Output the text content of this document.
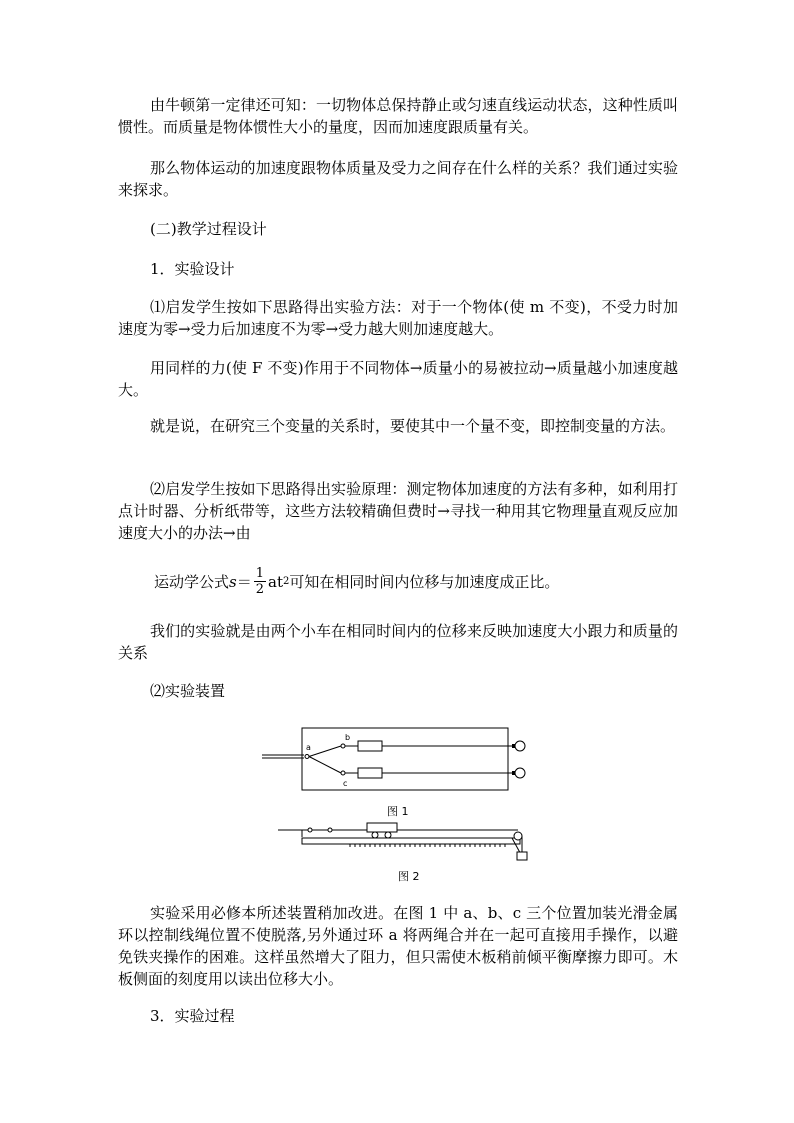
由牛顿第一定律还可知：一切物体总保持静止或匀速直线运动状态，这种性质叫惯性。而质量是物体惯性大小的量度，因而加速度跟质量有关。

那么物体运动的加速度跟物体质量及受力之间存在什么样的关系？我们通过实验来探求。

(二)教学过程设计

1．实验设计

⑴启发学生按如下思路得出实验方法：对于一个物体(使 m 不变)，不受力时加速度为零→受力后加速度不为零→受力越大则加速度越大。

用同样的力(使 F 不变)作用于不同物体→质量小的易被拉动→质量越小加速度越大。

就是说，在研究三个变量的关系时，要使其中一个量不变，即控制变量的方法。

⑵启发学生按如下思路得出实验原理：测定物体加速度的方法有多种，如利用打点计时器、分析纸带等，这些方法较精确但费时→寻找一种用其它物理量直观反应加速度大小的办法→由

运动学公式 $s = \frac{1}{2}$ at 2 可知在相同时间内位移与加速度成正比。

我们的实验就是由两个小车在相同时间内的位移来反映加速度大小跟力和质量的关系

⑵实验装置

a
b
c
图 1
图 2

实验采用必修本所述装置稍加改进。在图 1 中 a、b、c 三个位置加装光滑金属环以控制线绳位置不使脱落,另外通过环 a 将两绳合并在一起可直接用手操作，以避免铁夹操作的困难。这样虽然增大了阻力，但只需使木板稍前倾平衡摩擦力即可。木板侧面的刻度用以读出位移大小。

3．实验过程
